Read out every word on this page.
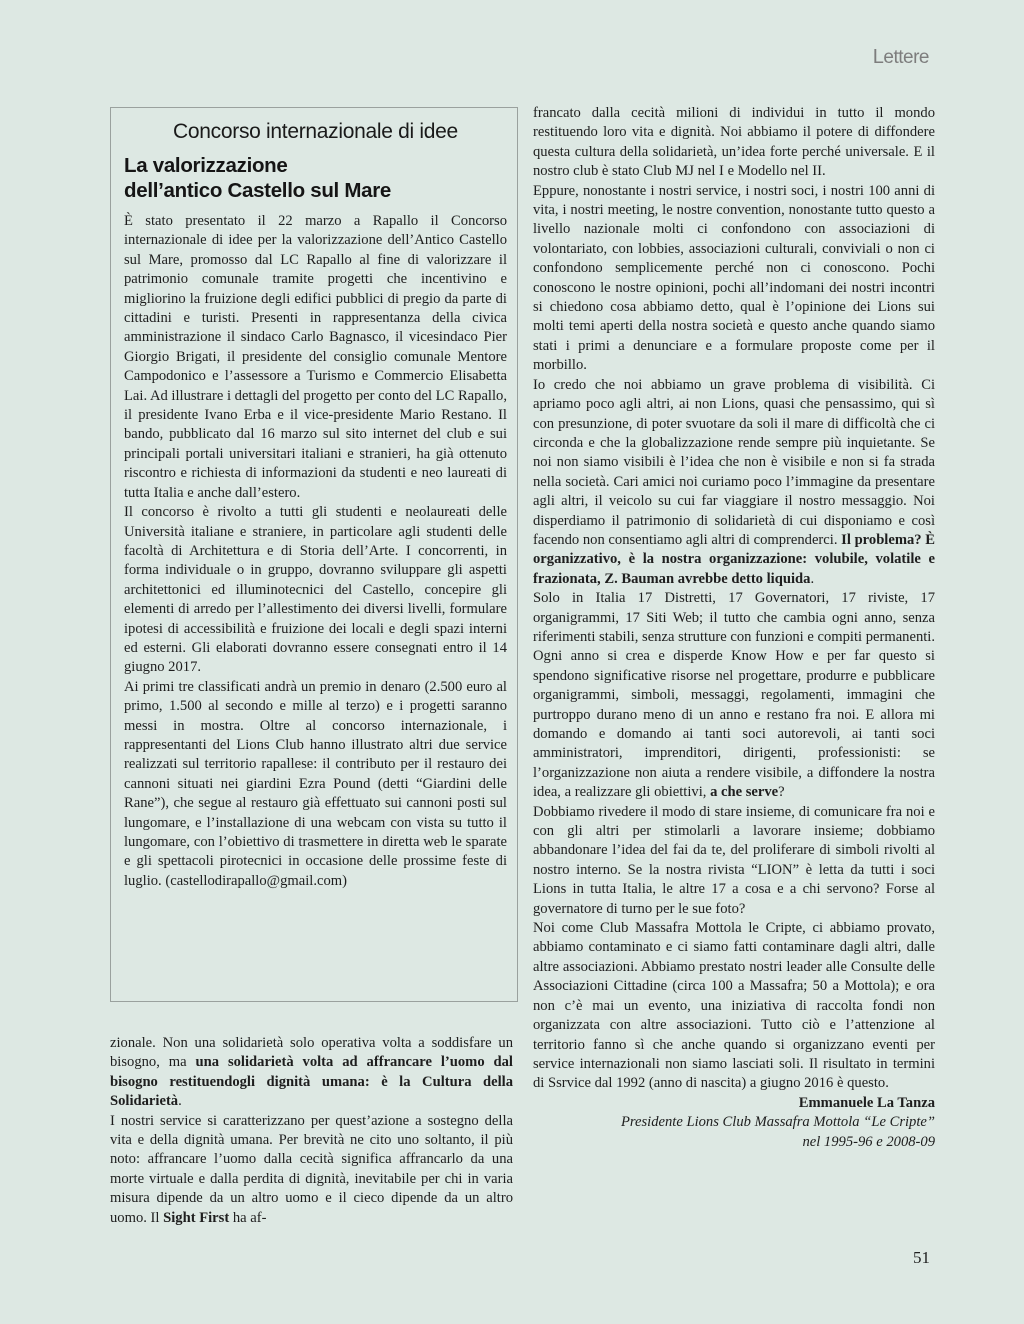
Lettere
Concorso internazionale di idee
La valorizzazione
dell’antico Castello sul Mare

È stato presentato il 22 marzo a Rapallo il Concorso internazionale di idee per la valorizzazione dell’Antico Castello sul Mare, promosso dal LC Rapallo al fine di valorizzare il patrimonio comunale tramite progetti che incentivino e migliorino la fruizione degli edifici pubblici di pregio da parte di cittadini e turisti. Presenti in rappresentanza della civica amministrazione il sindaco Carlo Bagnasco, il vicesindaco Pier Giorgio Brigati, il presidente del consiglio comunale Mentore Campodonico e l’assessore a Turismo e Commercio Elisabetta Lai. Ad illustrare i dettagli del progetto per conto del LC Rapallo, il presidente Ivano Erba e il vice-presidente Mario Restano. Il bando, pubblicato dal 16 marzo sul sito internet del club e sui principali portali universitari italiani e stranieri, ha già ottenuto riscontro e richiesta di informazioni da studenti e neo laureati di tutta Italia e anche dall’estero.

Il concorso è rivolto a tutti gli studenti e neolaureati delle Università italiane e straniere, in particolare agli studenti delle facoltà di Architettura e di Storia dell’Arte. I concorrenti, in forma individuale o in gruppo, dovranno sviluppare gli aspetti architettonici ed illuminotecnici del Castello, concepire gli elementi di arredo per l’allestimento dei diversi livelli, formulare ipotesi di accessibilità e fruizione dei locali e degli spazi interni ed esterni. Gli elaborati dovranno essere consegnati entro il 14 giugno 2017.

Ai primi tre classificati andrà un premio in denaro (2.500 euro al primo, 1.500 al secondo e mille al terzo) e i progetti saranno messi in mostra. Oltre al concorso internazionale, i rappresentanti del Lions Club hanno illustrato altri due service realizzati sul territorio rapallese: il contributo per il restauro dei cannoni situati nei giardini Ezra Pound (detti “Giardini delle Rane”), che segue al restauro già effettuato sui cannoni posti sul lungomare, e l’installazione di una webcam con vista su tutto il lungomare, con l’obiettivo di trasmettere in diretta web le sparate e gli spettacoli pirotecnici in occasione delle prossime feste di luglio. (castellodirapallo@gmail.com)

zionale. Non una solidarietà solo operativa volta a soddisfare un bisogno, ma una solidarietà volta ad affrancare l’uomo dal bisogno restituendogli dignità umana: è la Cultura della Solidarietà.

I nostri service si caratterizzano per quest’azione a sostegno della vita e della dignità umana. Per brevità ne cito uno soltanto, il più noto: affrancare l’uomo dalla cecità significa affrancarlo da una morte virtuale e dalla perdita di dignità, inevitabile per chi in varia misura dipende da un altro uomo e il cieco dipende da un altro uomo. Il Sight First ha af-

francato dalla cecità milioni di individui in tutto il mondo restituendo loro vita e dignità. Noi abbiamo il potere di diffondere questa cultura della solidarietà, un’idea forte perché universale. E il nostro club è stato Club MJ nel I e Modello nel II.

Eppure, nonostante i nostri service, i nostri soci, i nostri 100 anni di vita, i nostri meeting, le nostre convention, nonostante tutto questo a livello nazionale molti ci confondono con associazioni di volontariato, con lobbies, associazioni culturali, conviviali o non ci confondono semplicemente perché non ci conoscono. Pochi conoscono le nostre opinioni, pochi all’indomani dei nostri incontri si chiedono cosa abbiamo detto, qual è l’opinione dei Lions sui molti temi aperti della nostra società e questo anche quando siamo stati i primi a denunciare e a formulare proposte come per il morbillo.

Io credo che noi abbiamo un grave problema di visibilità. Ci apriamo poco agli altri, ai non Lions, quasi che pensassimo, qui sì con presunzione, di poter svuotare da soli il mare di difficoltà che ci circonda e che la globalizzazione rende sempre più inquietante. Se noi non siamo visibili è l’idea che non è visibile e non si fa strada nella società. Cari amici noi curiamo poco l’immagine da presentare agli altri, il veicolo su cui far viaggiare il nostro messaggio. Noi disperdiamo il patrimonio di solidarietà di cui disponiamo e così facendo non consentiamo agli altri di comprenderci. Il problema? È organizzativo, è la nostra organizzazione: volubile, volatile e frazionata, Z. Bauman avrebbe detto liquida.

Solo in Italia 17 Distretti, 17 Governatori, 17 riviste, 17 organigrammi, 17 Siti Web; il tutto che cambia ogni anno, senza riferimenti stabili, senza strutture con funzioni e compiti permanenti. Ogni anno si crea e disperde Know How e per far questo si spendono significative risorse nel progettare, produrre e pubblicare organigrammi, simboli, messaggi, regolamenti, immagini che purtroppo durano meno di un anno e restano fra noi. E allora mi domando e domando ai tanti soci autorevoli, ai tanti soci amministratori, imprenditori, dirigenti, professionisti: se l’organizzazione non aiuta a rendere visibile, a diffondere la nostra idea, a realizzare gli obiettivi, a che serve?

Dobbiamo rivedere il modo di stare insieme, di comunicare fra noi e con gli altri per stimolarli a lavorare insieme; dobbiamo abbandonare l’idea del fai da te, del proliferare di simboli rivolti al nostro interno. Se la nostra rivista “LION” è letta da tutti i soci Lions in tutta Italia, le altre 17 a cosa e a chi servono? Forse al governatore di turno per le sue foto?

Noi come Club Massafra Mottola le Cripte, ci abbiamo provato, abbiamo contaminato e ci siamo fatti contaminare dagli altri, dalle altre associazioni. Abbiamo prestato nostri leader alle Consulte delle Associazioni Cittadine (circa 100 a Massafra; 50 a Mottola); e ora non c’è mai un evento, una iniziativa di raccolta fondi non organizzata con altre associazioni. Tutto ciò e l’attenzione al territorio fanno sì che anche quando si organizzano eventi per service internazionali non siamo lasciati soli. Il risultato in termini di Ssrvice dal 1992 (anno di nascita) a giugno 2016 è questo.

Emmanuele La Tanza
Presidente Lions Club Massafra Mottola “Le Cripte”
nel 1995-96 e 2008-09
51
